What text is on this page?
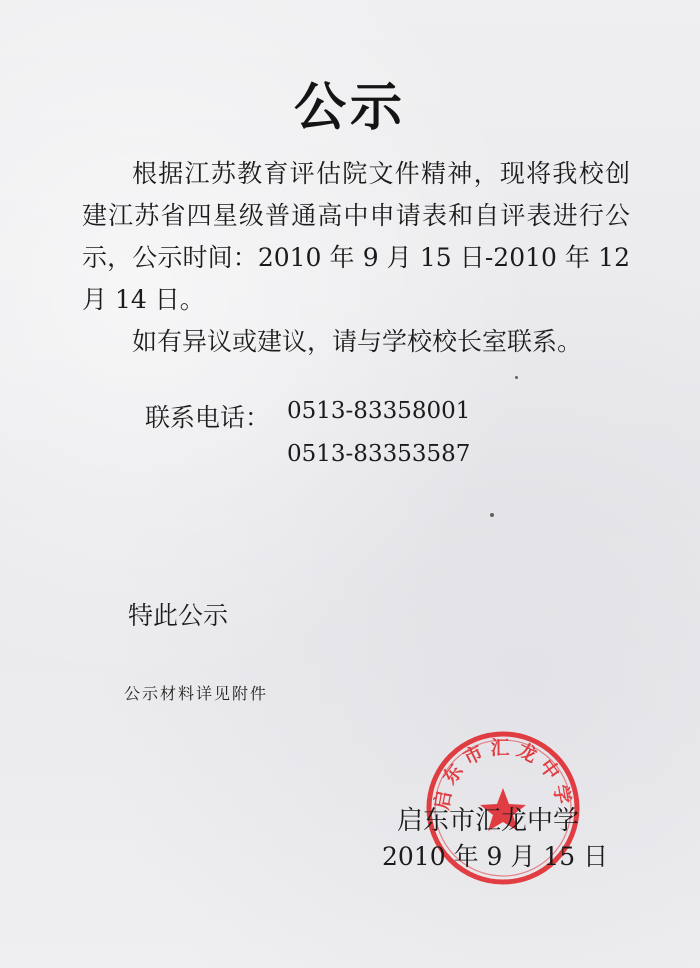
公示

根据江苏教育评估院文件精神，现将我校创建江苏省四星级普通高中申请表和自评表进行公示，公示时间：2010 年 9 月 15 日-2010 年 12 月 14 日。

如有异议或建议，请与学校校长室联系。

联系电话： 0513-83358001
0513-83353587
特此公示
公示材料详见附件
启东市汇龙中学
启东市汇龙中学
2010 年 9 月 15 日
